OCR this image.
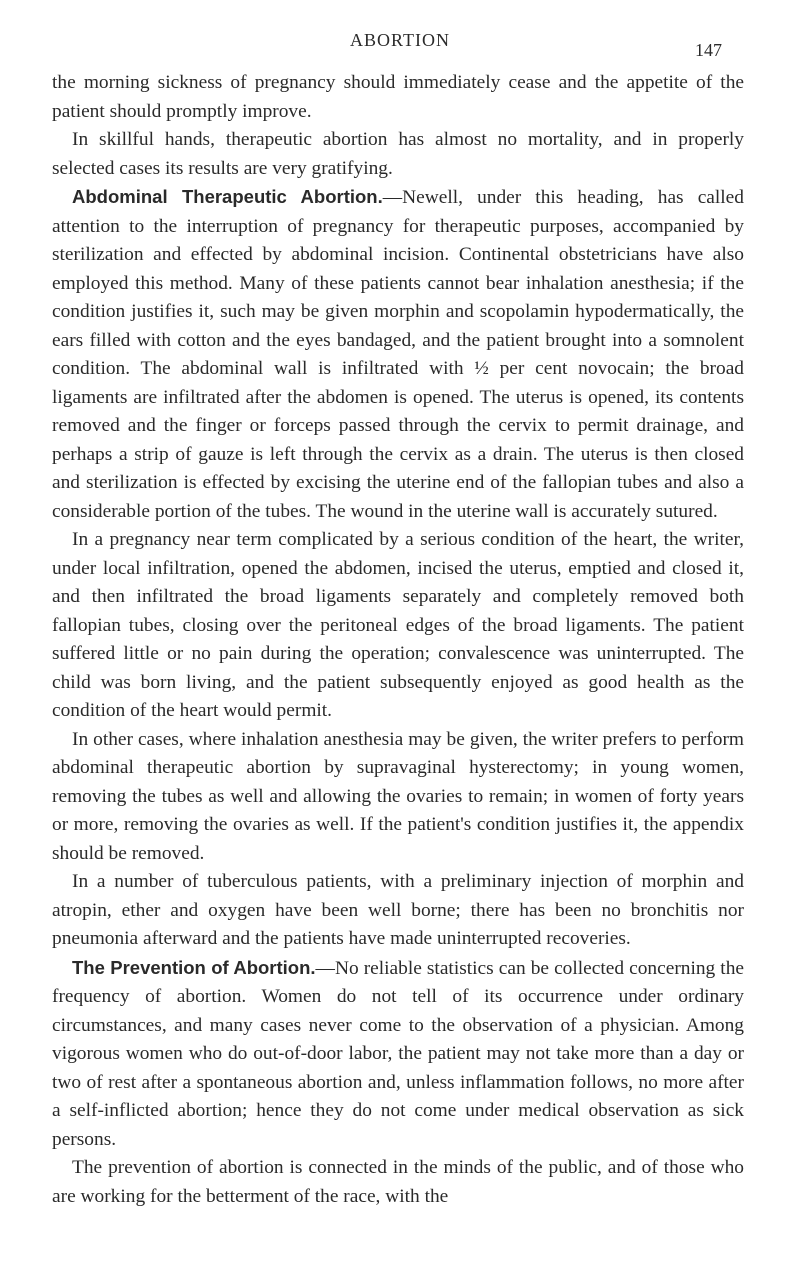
ABORTION	147

the morning sickness of pregnancy should immediately cease and the appetite of the patient should promptly improve.

In skillful hands, therapeutic abortion has almost no mortality, and in properly selected cases its results are very gratifying.

Abdominal Therapeutic Abortion.—Newell, under this heading, has called attention to the interruption of pregnancy for therapeutic purposes, accompanied by sterilization and effected by abdominal incision. Continental obstetricians have also employed this method. Many of these patients cannot bear inhalation anesthesia; if the condition justifies it, such may be given morphin and scopolamin hypodermatically, the ears filled with cotton and the eyes bandaged, and the patient brought into a somnolent condition. The abdominal wall is infiltrated with ½ per cent novocain; the broad ligaments are infiltrated after the abdomen is opened. The uterus is opened, its contents removed and the finger or forceps passed through the cervix to permit drainage, and perhaps a strip of gauze is left through the cervix as a drain. The uterus is then closed and sterilization is effected by excising the uterine end of the fallopian tubes and also a considerable portion of the tubes. The wound in the uterine wall is accurately sutured.

In a pregnancy near term complicated by a serious condition of the heart, the writer, under local infiltration, opened the abdomen, incised the uterus, emptied and closed it, and then infiltrated the broad ligaments separately and completely removed both fallopian tubes, closing over the peritoneal edges of the broad ligaments. The patient suffered little or no pain during the operation; convalescence was uninterrupted. The child was born living, and the patient subsequently enjoyed as good health as the condition of the heart would permit.

In other cases, where inhalation anesthesia may be given, the writer prefers to perform abdominal therapeutic abortion by supravaginal hysterectomy; in young women, removing the tubes as well and allowing the ovaries to remain; in women of forty years or more, removing the ovaries as well. If the patient's condition justifies it, the appendix should be removed.

In a number of tuberculous patients, with a preliminary injection of morphin and atropin, ether and oxygen have been well borne; there has been no bronchitis nor pneumonia afterward and the patients have made uninterrupted recoveries.

The Prevention of Abortion.—No reliable statistics can be collected concerning the frequency of abortion. Women do not tell of its occurrence under ordinary circumstances, and many cases never come to the observation of a physician. Among vigorous women who do out-of-door labor, the patient may not take more than a day or two of rest after a spontaneous abortion and, unless inflammation follows, no more after a self-inflicted abortion; hence they do not come under medical observation as sick persons.

The prevention of abortion is connected in the minds of the public, and of those who are working for the betterment of the race, with the
